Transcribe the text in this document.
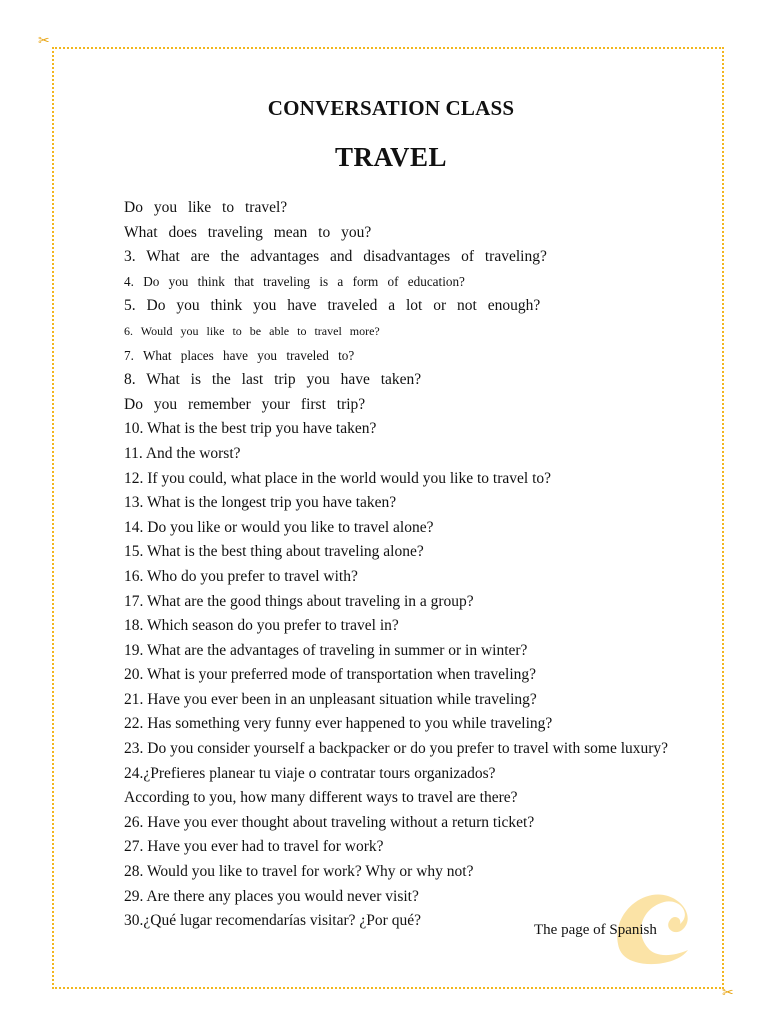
✂
✂
CONVERSATION CLASS
TRAVEL
Do you like to travel?
What does traveling mean to you?
3. What are the advantages and disadvantages of traveling?
4. Do you think that traveling is a form of education?
5. Do you think you have traveled a lot or not enough?
6. Would you like to be able to travel more?
7. What places have you traveled to?
8. What is the last trip you have taken?
Do you remember your first trip?
10. What is the best trip you have taken?
11. And the worst?
12. If you could, what place in the world would you like to travel to?
13. What is the longest trip you have taken?
14. Do you like or would you like to travel alone?
15. What is the best thing about traveling alone?
16. Who do you prefer to travel with?
17. What are the good things about traveling in a group?
18. Which season do you prefer to travel in?
19. What are the advantages of traveling in summer or in winter?
20. What is your preferred mode of transportation when traveling?
21. Have you ever been in an unpleasant situation while traveling?
22. Has something very funny ever happened to you while traveling?
23. Do you consider yourself a backpacker or do you prefer to travel with some luxury?
24.¿Prefieres planear tu viaje o contratar tours organizados?
According to you, how many different ways to travel are there?
26. Have you ever thought about traveling without a return ticket?
27. Have you ever had to travel for work?
28. Would you like to travel for work? Why or why not?
29. Are there any places you would never visit?
30.¿Qué lugar recomendarías visitar? ¿Por qué?
The page of Spanish
